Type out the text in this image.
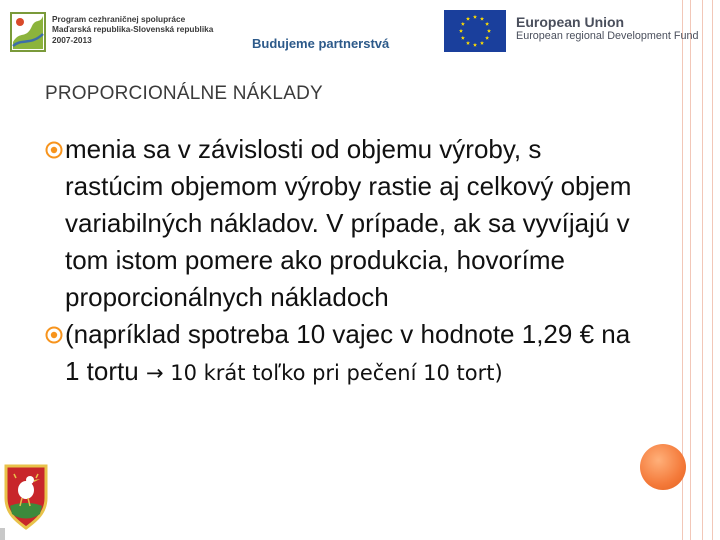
Program cezhraničnej spolupráce
Maďarská republika-Slovenská republika
2007-2013	Budujeme partnerstvá
European Union
European regional Development Fund
PROPORCIONÁLNE NÁKLADY
menia sa v závislosti od objemu výroby, s rastúcim objemom výroby rastie aj celkový objem variabilných nákladov. V prípade, ak sa vyvíjajú v tom istom pomere ako produkcia, hovoríme proporcionálnych nákladoch
(napríklad spotreba 10 vajec v hodnote 1,29 € na 1 tortu → 10 krát toľko pri pečení 10 tort)
